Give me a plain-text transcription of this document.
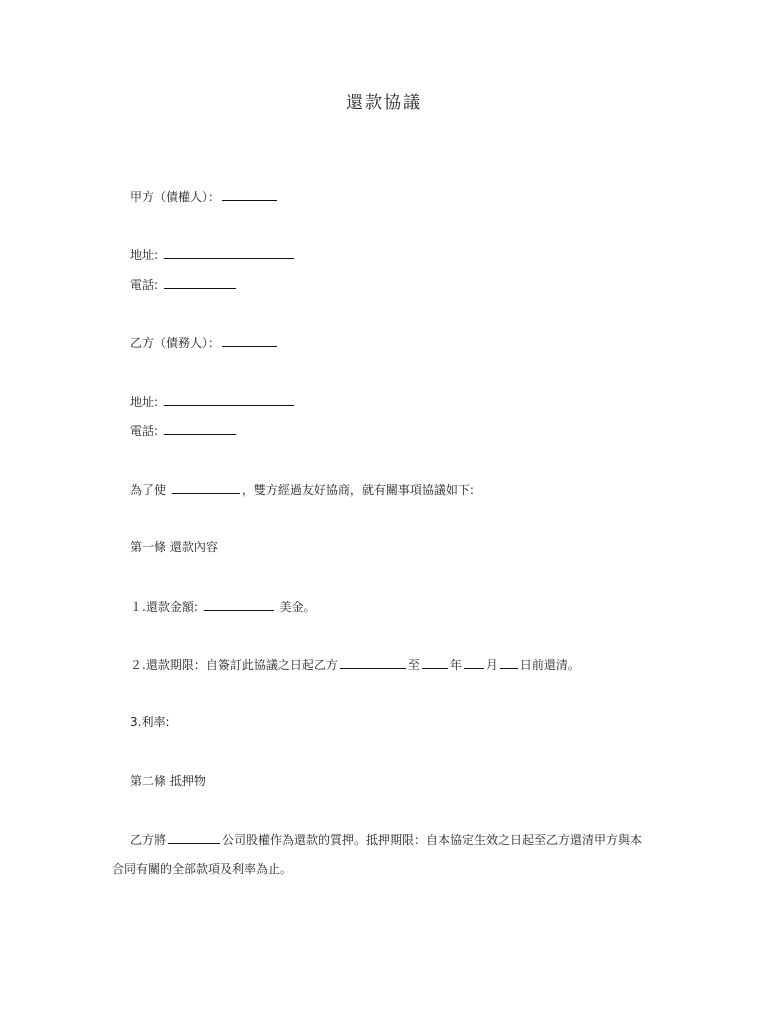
還款協議
甲方（債權人）：
地址:
電話:
乙方（債務人）：
地址:
電話:
為了使	，雙方經過友好協商，就有關事項協議如下:
第一條 還款內容
１.還款金額:	美金。
２.還款期限：自簽訂此協議之日起乙方	至	年 月 日前還清。
3.利率:
第二條 抵押物
乙方將	公司股權作為還款的質押。抵押期限：自本協定生效之日起至乙方還清甲方與本
合同有關的全部款項及利率為止。
